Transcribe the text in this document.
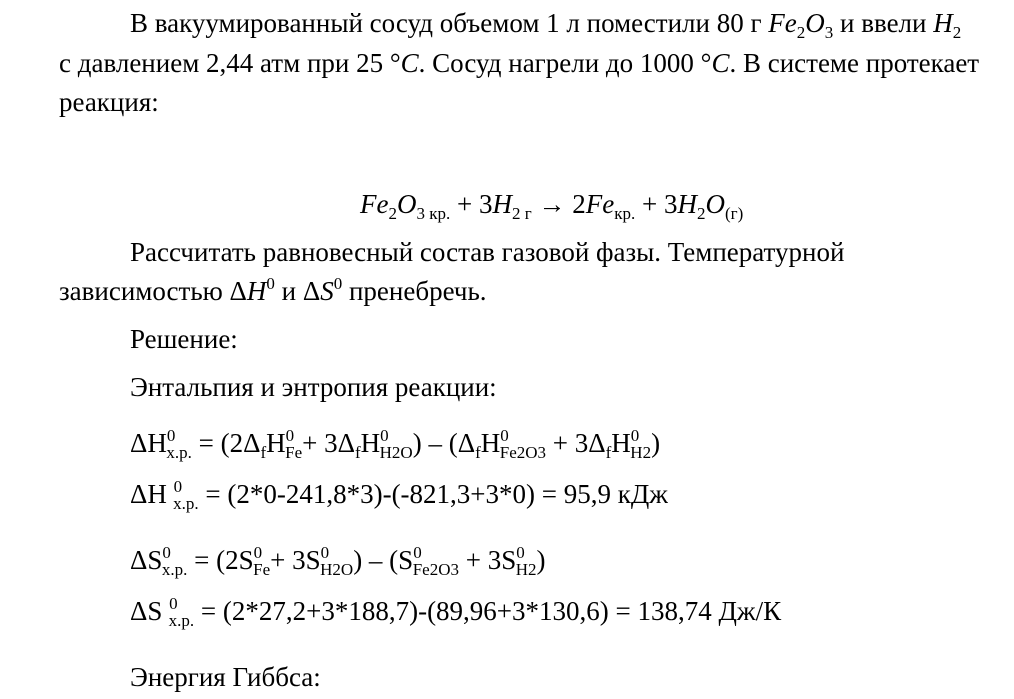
В вакуумированный сосуд объемом 1 л поместили 80 г $Fe_2O_3$ и ввели $H_2$
с давлением 2,44 атм при 25 °C. Сосуд нагрели до 1000 °C. В системе протекает
реакция:
$Fe_2O_{3 кр.} + 3H_{2 г} \to 2Fe_{кр.} + 3H_2O_{(г)}$
Рассчитать равновесный состав газовой фазы. Температурной
зависимостью $\Delta H^0$ и $\Delta S^0$ пренебречь.
Решение:
Энтальпия и энтропия реакции:
$\Delta H^0_{х.р.} = (2\Delta_fH^0_{Fe}+ 3\Delta_fH^0_{H2O}) - (\Delta_fH^0_{Fe2O3} + 3\Delta_fH^0_{H2})$
ΔH $^0_{х.р.}$ = (2*0-241,8*3)-(-821,3+3*0) = 95,9 кДж
$\Delta S^0_{х.р.} = (2S^0_{Fe}+ 3S^0_{H2O}) - (S^0_{Fe2O3} + 3S^0_{H2})$
ΔS $^0_{х.р.}$ = (2*27,2+3*188,7)-(89,96+3*130,6) = 138,74 Дж/К
Энергия Гиббса:
